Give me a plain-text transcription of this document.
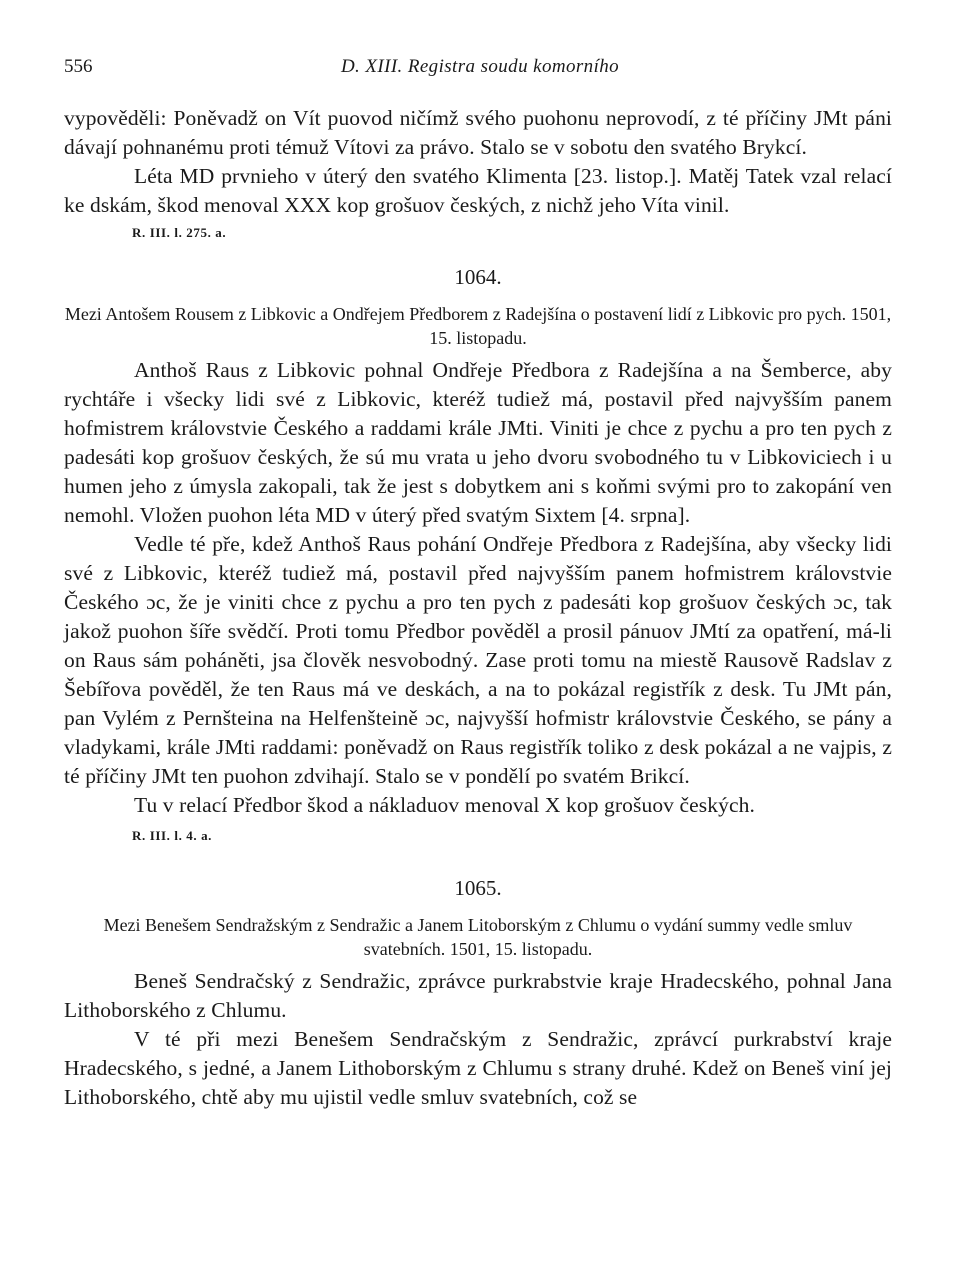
556	D. XIII. Registra soudu komorního

vypověděli: Poněvadž on Vít puovod ničímž svého puohonu neprovodí, z té příčiny JMt páni dávají pohnanému proti témuž Vítovi za právo. Stalo se v sobotu den svatého Brykcí.

Léta MD prvnieho v úterý den svatého Klimenta [23. listop.]. Matěj Tatek vzal relací ke dskám, škod menoval XXX kop grošuov českých, z nichž jeho Víta vinil.

R. III. l. 275. a.
1064.
Mezi Antošem Rousem z Libkovic a Ondřejem Předborem z Radejšína o postavení lidí z Libkovic pro pych. 1501, 15. listopadu.

Anthoš Raus z Libkovic pohnal Ondřeje Předbora z Radejšína a na Šemberce, aby rychtáře i všecky lidi své z Libkovic, kteréž tudiež má, postavil před najvyšším panem hofmistrem královstvie Českého a raddami krále JMti. Viniti je chce z pychu a pro ten pych z padesáti kop grošuov českých, že sú mu vrata u jeho dvoru svobodného tu v Libkoviciech i u humen jeho z úmysla zakopali, tak že jest s dobytkem ani s koňmi svými pro to zakopání ven nemohl. Vložen puohon léta MD v úterý před svatým Sixtem [4. srpna].

Vedle té pře, kdež Anthoš Raus pohání Ondřeje Předbora z Radejšína, aby všecky lidi své z Libkovic, kteréž tudiež má, postavil před najvyšším panem hofmistrem královstvie Českého ɔc, že je viniti chce z pychu a pro ten pych z padesáti kop grošuov českých ɔc, tak jakož puohon šíře svědčí. Proti tomu Předbor pověděl a prosil pánuov JMtí za opatření, má-li on Raus sám poháněti, jsa člověk nesvobodný. Zase proti tomu na miestě Rausově Radslav z Šebířova pověděl, že ten Raus má ve deskách, a na to pokázal registřík z desk. Tu JMt pán, pan Vylém z Pernšteina na Helfenšteině ɔc, najvyšší hofmistr královstvie Českého, se pány a vladykami, krále JMti raddami: poněvadž on Raus registřík toliko z desk pokázal a ne vajpis, z té příčiny JMt ten puohon zdvihají. Stalo se v pondělí po svatém Brikcí.

Tu v relací Předbor škod a nákladuov menoval X kop grošuov českých.

R. III. l. 4. a.
1065.
Mezi Benešem Sendražským z Sendražic a Janem Litoborským z Chlumu o vydání summy vedle smluv svatebních. 1501, 15. listopadu.

Beneš Sendračský z Sendražic, zprávce purkrabstvie kraje Hradecského, pohnal Jana Lithoborského z Chlumu.

V té při mezi Benešem Sendračským z Sendražic, zprávcí purkrabství kraje Hradecského, s jedné, a Janem Lithoborským z Chlumu s strany druhé. Kdež on Beneš viní jej Lithoborského, chtě aby mu ujistil vedle smluv svatebních, což se
